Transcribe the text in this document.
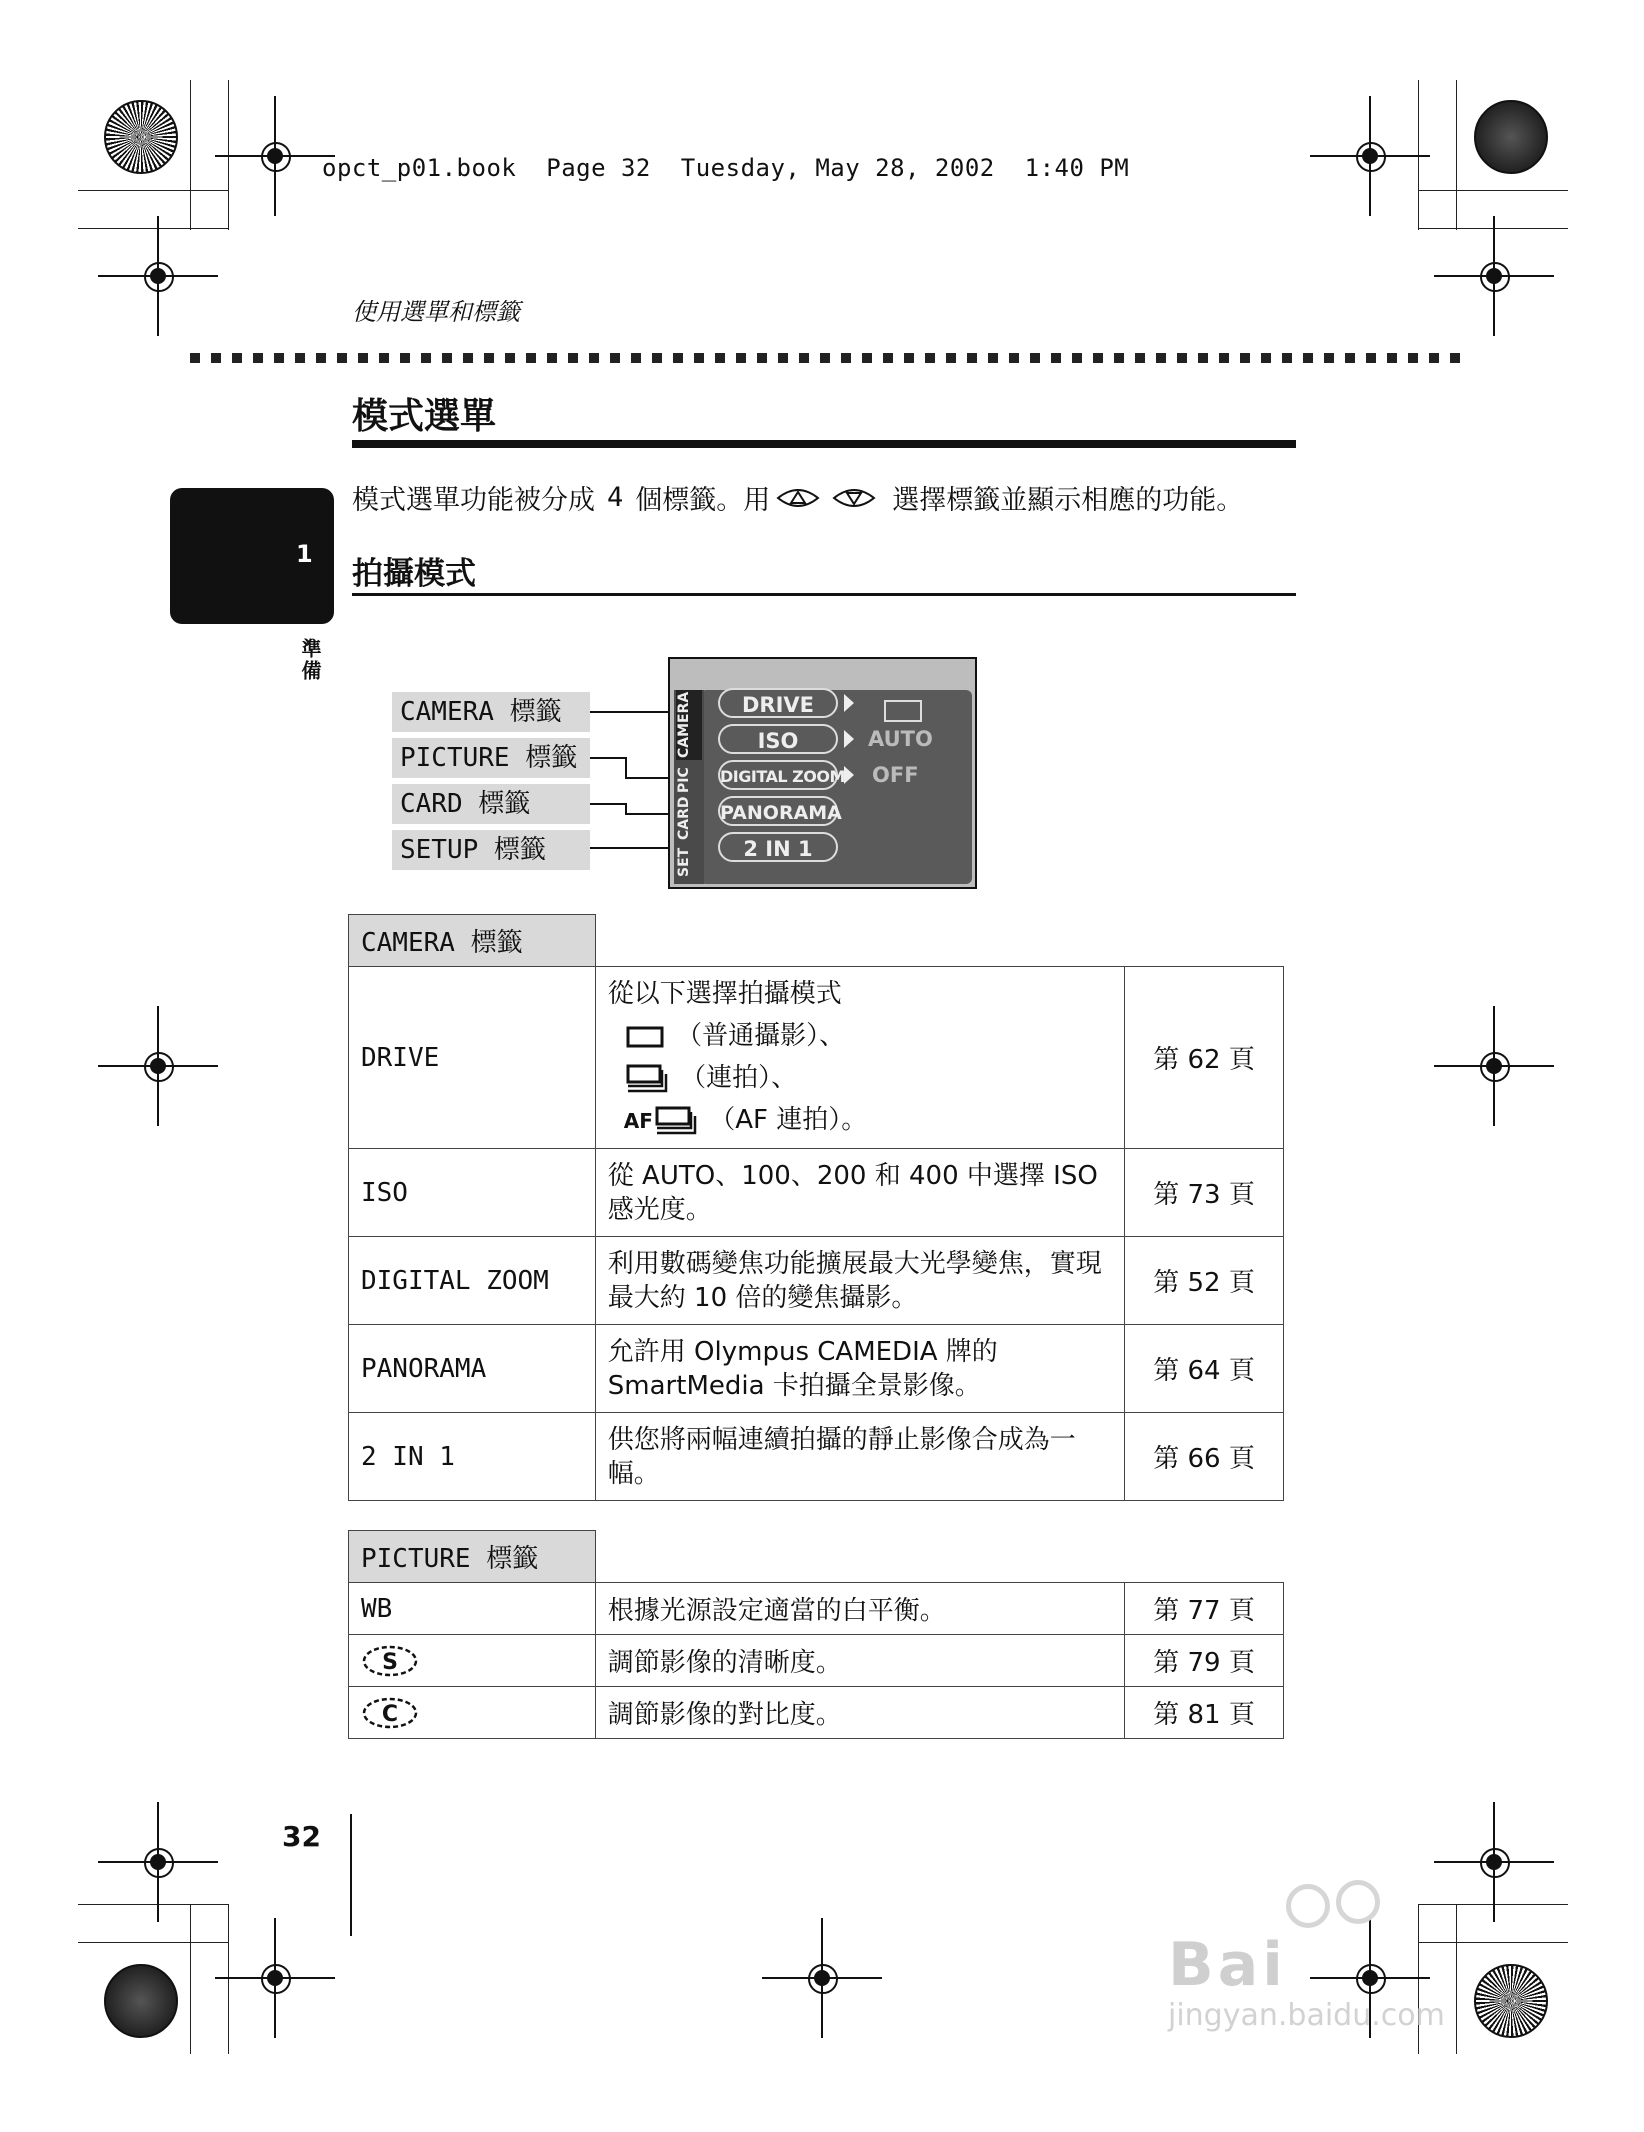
opct_p01.book  Page 32  Tuesday, May 28, 2002  1:40 PM
使用選單和標籤
1
準備
模式選單
模式選單功能被分成 4 個標籤。用	選擇標籤並顯示相應的功能。
拍攝模式
CAMERA 標籤
PICTURE 標籤
CARD 標籤
SETUP 標籤
CAMERA
PIC
CARD
SET
DRIVE
ISO	AUTO
DIGITAL ZOOM OFF
PANORAMA
2 IN 1
CAMERA 標籤		
DRIVE	從以下選擇拍攝模式
（普通攝影）、
（連拍）、
AF （AF 連拍）。	第 62 頁
ISO	從 AUTO、100、200 和 400 中選擇 ISO 感光度。	第 73 頁
DIGITAL ZOOM	利用數碼變焦功能擴展最大光學變焦，實現最大約 10 倍的變焦攝影。	第 52 頁
PANORAMA	允許用 Olympus CAMEDIA 牌的 SmartMedia 卡拍攝全景影像。	第 64 頁
2 IN 1	供您將兩幅連續拍攝的靜止影像合成為一幅。	第 66 頁
PICTURE 標籤		
WB	根據光源設定適當的白平衡。	第 77 頁

S	調節影像的清晰度。	第 79 頁

C	調節影像的對比度。	第 81 頁
32
Bai
jingyan.baidu.com
